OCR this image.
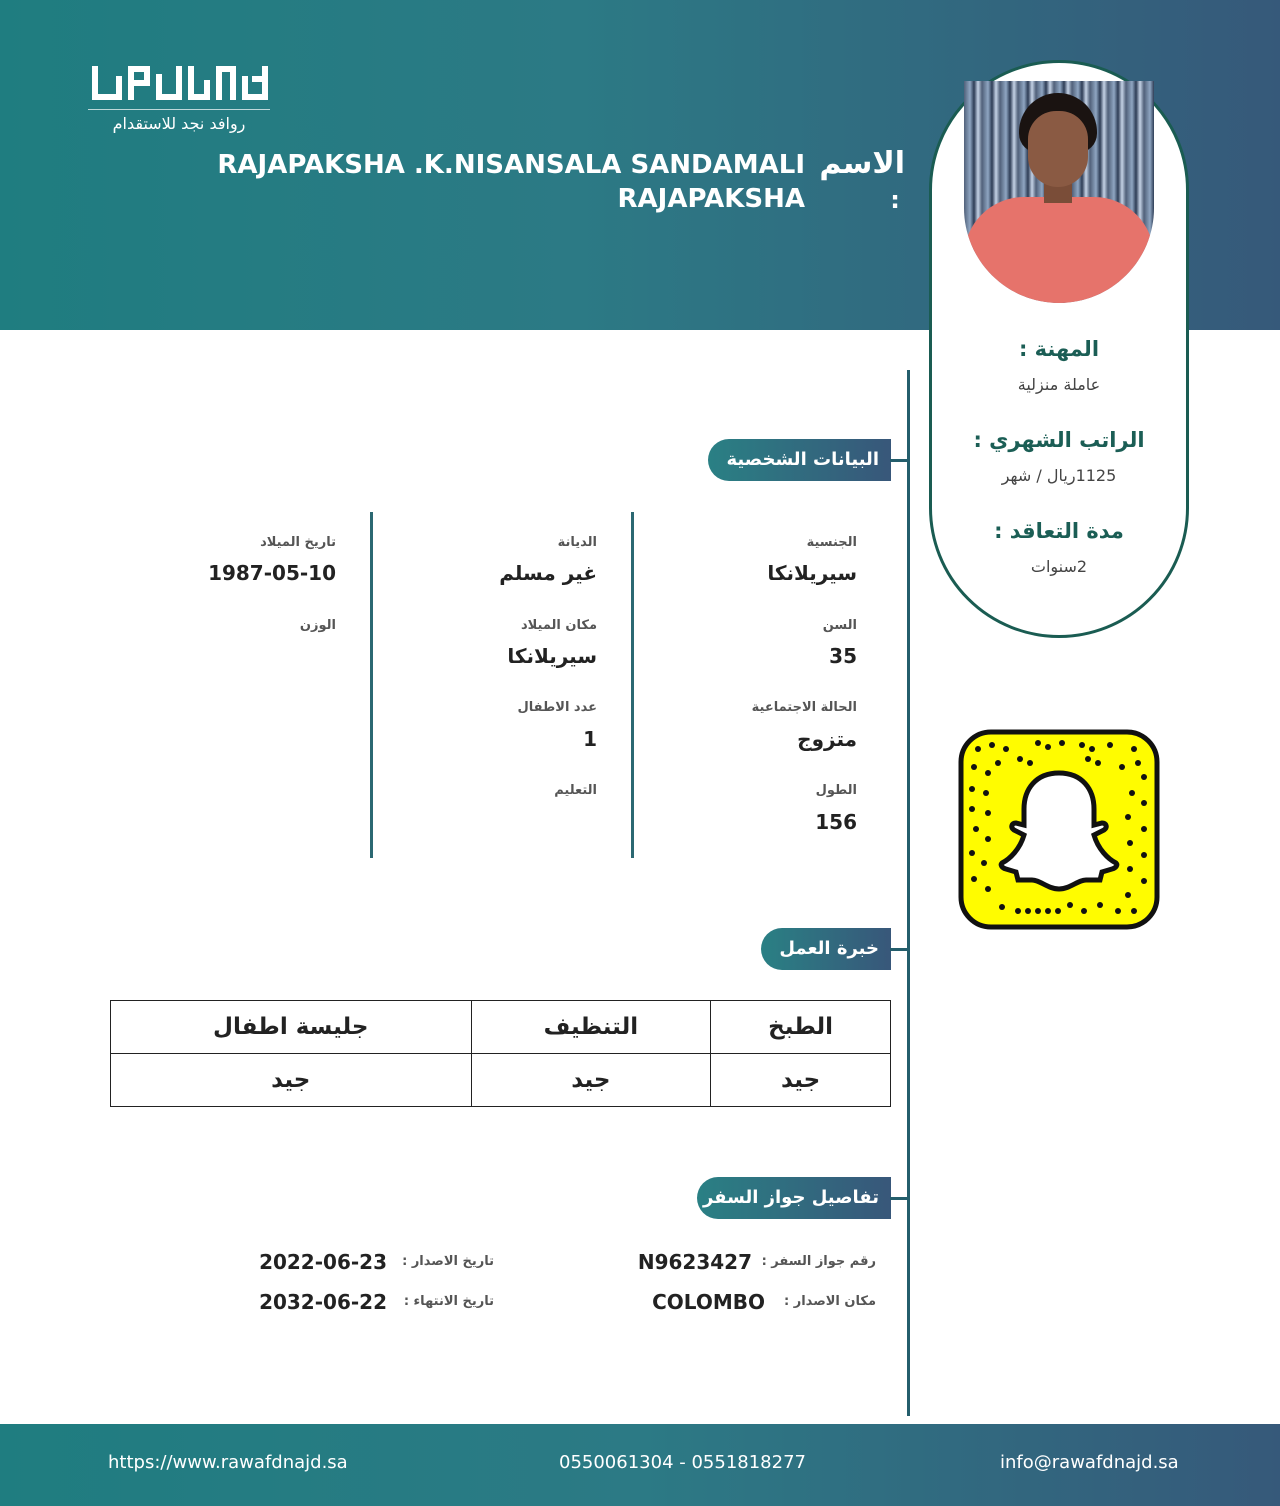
روافد نجد للاستقدام
الاسم
:
RAJAPAKSHA .K.NISANSALA SANDAMALI RAJAPAKSHA
المهنة :
عاملة منزلية
الراتب الشهري :
1125ريال / شهر
مدة التعاقد :
2سنوات
البيانات الشخصية
خبرة العمل
تفاصيل جواز السفر
الجنسية
سيريلانكا
السن
35
الحالة الاجتماعية
متزوج
الطول
156
الديانة
غير مسلم
مكان الميلاد
سيريلانكا
عدد الاطفال
1
التعليم
تاريخ الميلاد
1987-05-10
الوزن
الطبخ	التنظيف	جليسة اطفال
جيد	جيد	جيد
رقم جواز السفر :
N9623427
مكان الاصدار :
COLOMBO
تاريخ الاصدار :
2022-06-23
تاريخ الانتهاء :
2032-06-22
https://www.rawafdnajd.sa	0550061304 - 0551818277	info@rawafdnajd.sa
